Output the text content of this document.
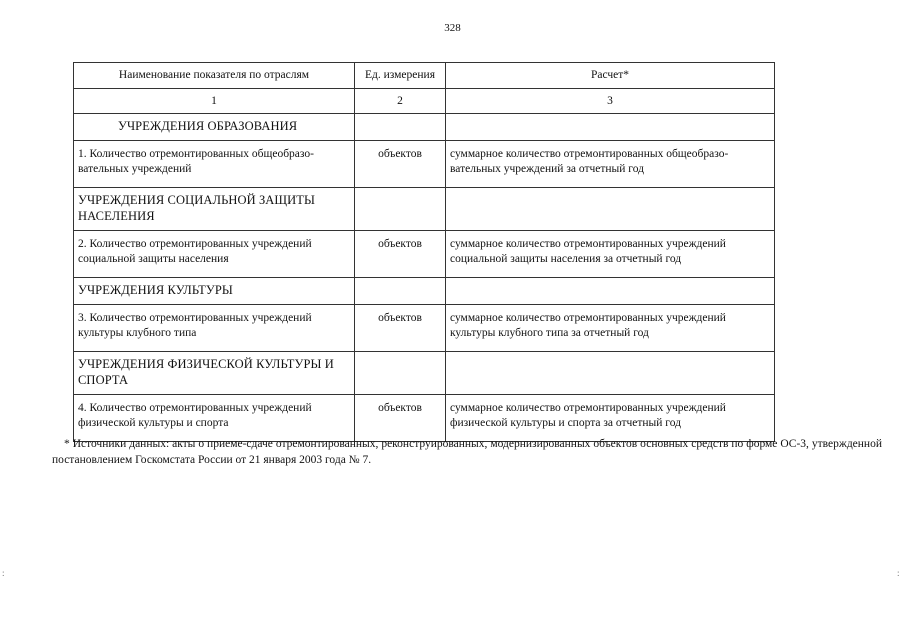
328
Наименование показателя по отраслям	Ед. измерения	Расчет*
1	2	3
УЧРЕЖДЕНИЯ ОБРАЗОВАНИЯ		
1. Количество отремонтированных общеобразо-вательных учреждений	объектов	суммарное количество отремонтированных общеобразо-вательных учреждений за отчетный год
УЧРЕЖДЕНИЯ СОЦИАЛЬНОЙ ЗАЩИТЫ НАСЕЛЕНИЯ		
2. Количество отремонтированных учреждений социальной защиты населения	объектов	суммарное количество отремонтированных учреждений социальной защиты населения за отчетный год
УЧРЕЖДЕНИЯ КУЛЬТУРЫ		
3. Количество отремонтированных учреждений культуры клубного типа	объектов	суммарное количество отремонтированных учреждений культуры клубного типа за отчетный год
УЧРЕЖДЕНИЯ ФИЗИЧЕСКОЙ КУЛЬТУРЫ И СПОРТА		
4. Количество отремонтированных учреждений физической культуры и спорта	объектов	суммарное количество отремонтированных учреждений физической культуры и спорта за отчетный год
* Источники данных: акты о приеме-сдаче отремонтированных, реконструированных, модернизированных объектов основных средств по форме ОС-3, утвержденной постановлением Госкомстата России от 21 января 2003 года № 7.
:	:
